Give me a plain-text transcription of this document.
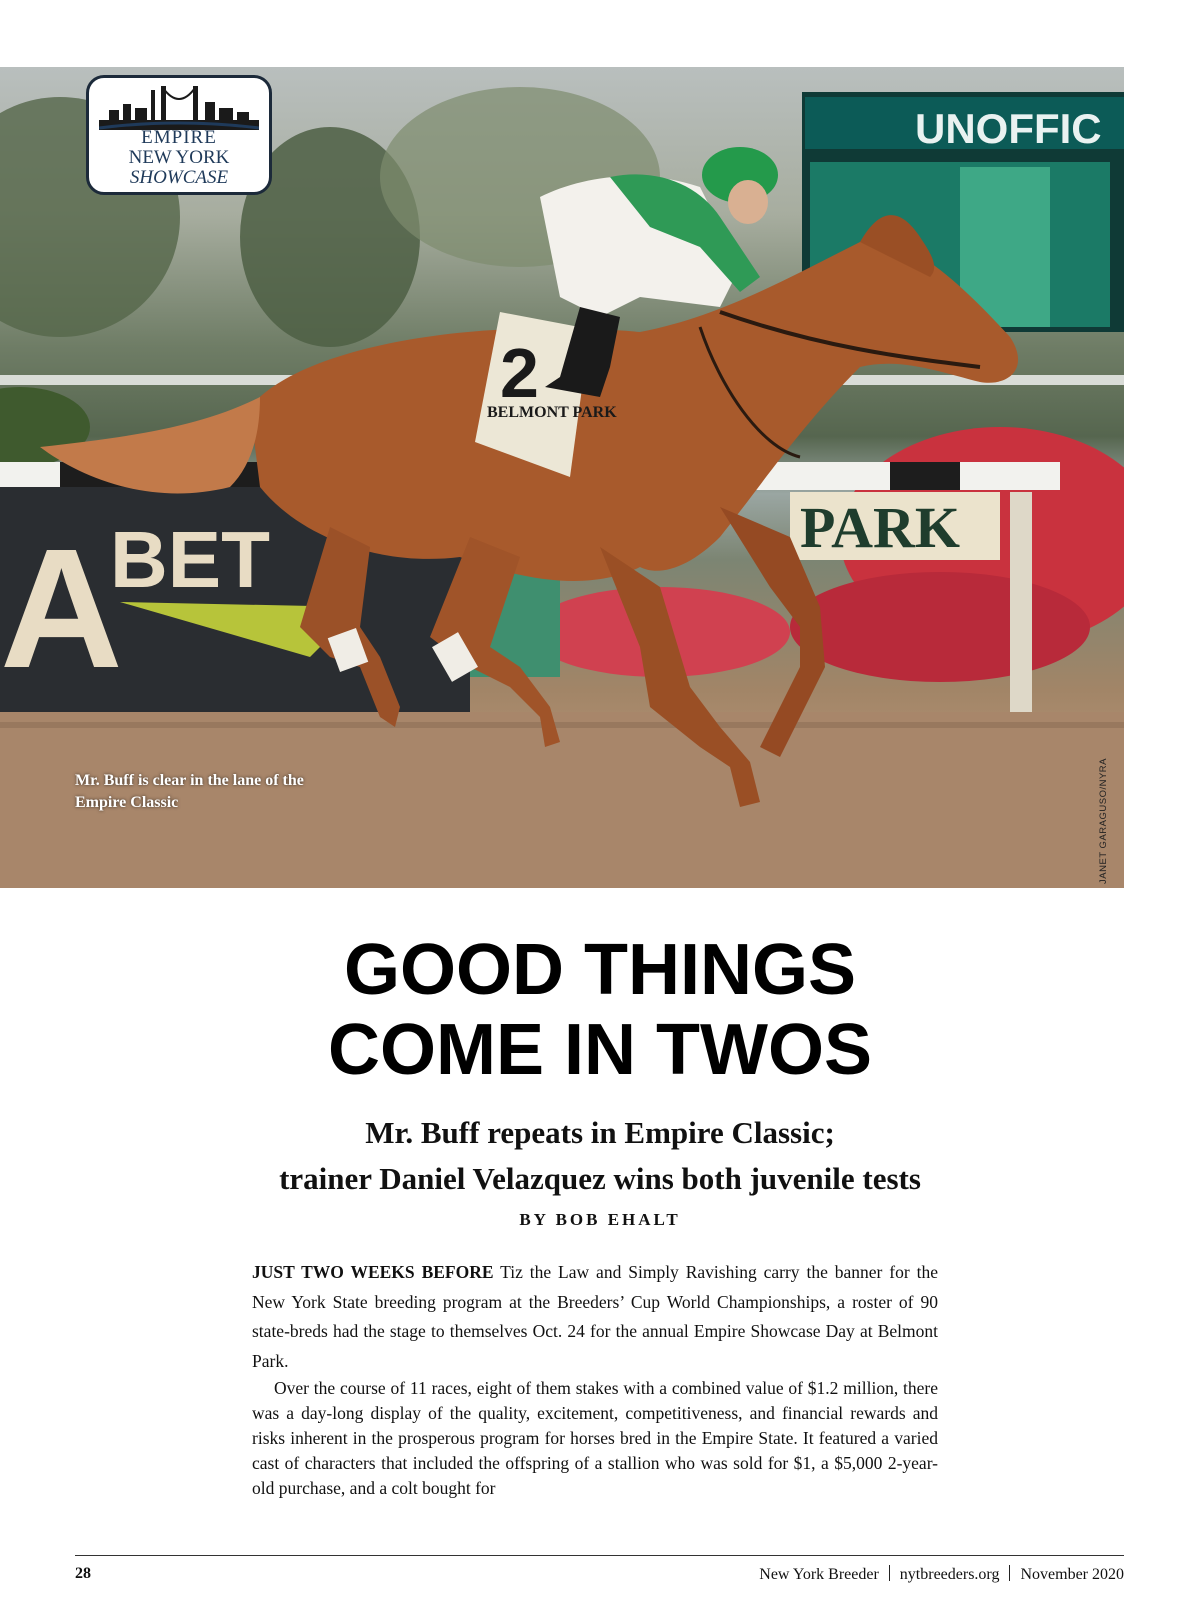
UNOFFIC
A
BET	PARK
2
BELMONT PARK
EMPIRE
NEW YORK
SHOWCASE
Mr. Buff is clear in the lane of the Empire Classic	JANET GARAGUSO/NYRA
GOOD THINGS
COME IN TWOS
Mr. Buff repeats in Empire Classic;
trainer Daniel Velazquez wins both juvenile tests
BY BOB EHALT

JUST TWO WEEKS BEFORE Tiz the Law and Simply Ravishing carry the banner for the New York State breeding program at the Breeders’ Cup World Championships, a roster of 90 state-breds had the stage to themselves Oct. 24 for the annual Empire Showcase Day at Belmont Park.

Over the course of 11 races, eight of them stakes with a combined value of $1.2 million, there was a day-long display of the quality, excitement, competitiveness, and financial rewards and risks inherent in the prosperous program for horses bred in the Empire State. It featured a varied cast of characters that included the offspring of a stallion who was sold for $1, a $5,000 2-year-old purchase, and a colt bought for

28	New York Breeder nytbreeders.org November 2020
